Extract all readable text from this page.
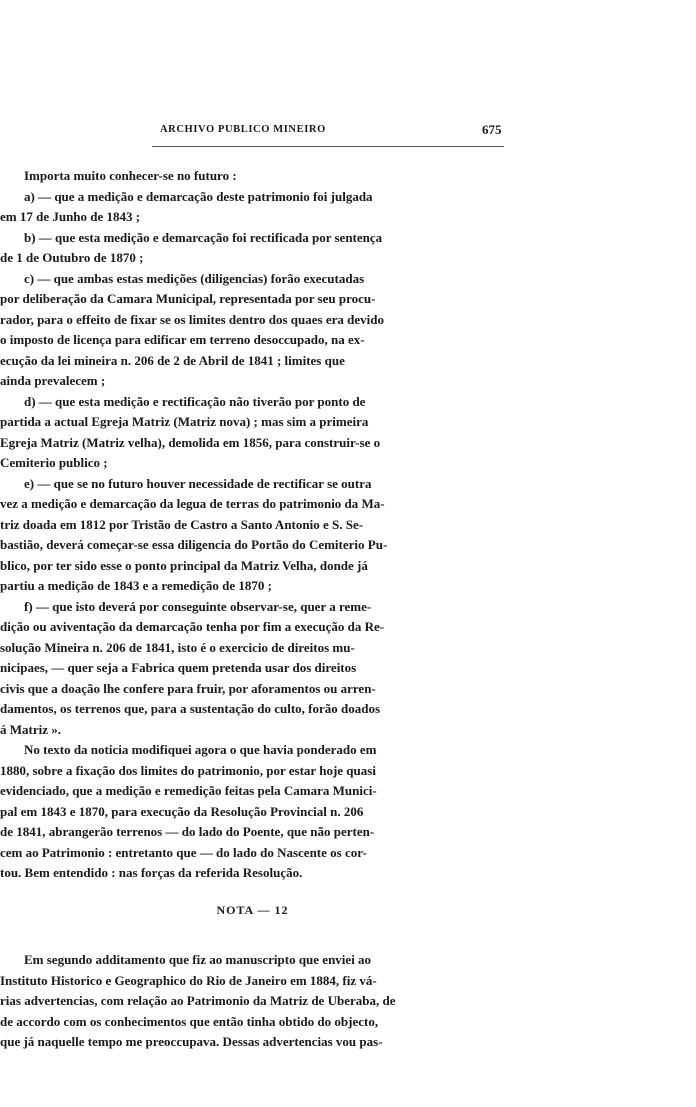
ARCHIVO PUBLICO MINEIRO	675
Importa muito conhecer-se no futuro :
a) — que a medição e demarcação deste patrimonio foi julgada
em 17 de Junho de 1843 ;
b) — que esta medição e demarcação foi rectificada por sentença
de 1 de Outubro de 1870 ;
c) — que ambas estas medições (diligencias) forão executadas
por deliberação da Camara Municipal, representada por seu procu-
rador, para o effeito de fixar se os limites dentro dos quaes era devido
o imposto de licença para edificar em terreno desoccupado, na ex-
ecução da lei mineira n. 206 de 2 de Abril de 1841 ; limites que
ainda prevalecem ;
d) — que esta medição e rectificação não tiverão por ponto de
partida a actual Egreja Matriz (Matriz nova) ; mas sim a primeira
Egreja Matriz (Matriz velha), demolida em 1856, para construir-se o
Cemiterio publico ;
e) — que se no futuro houver necessidade de rectificar se outra
vez a medição e demarcação da legua de terras do patrimonio da Ma-
triz doada em 1812 por Tristão de Castro a Santo Antonio e S. Se-
bastião, deverá começar-se essa diligencia do Portão do Cemiterio Pu-
blico, por ter sido esse o ponto principal da Matriz Velha, donde já
partiu a medição de 1843 e a remedição de 1870 ;
f) — que isto deverá por conseguinte observar-se, quer a reme-
dição ou aviventação da demarcação tenha por fim a execução da Re-
solução Mineira n. 206 de 1841, isto é o exercicio de direitos mu-
nicipaes, — quer seja a Fabrica quem pretenda usar dos direitos
civis que a doação lhe confere para fruir, por aforamentos ou arren-
damentos, os terrenos que, para a sustentação do culto, forão doados
á Matriz ».
No texto da noticia modifiquei agora o que havia ponderado em
1880, sobre a fixação dos limites do patrimonio, por estar hoje quasi
evidenciado, que a medição e remedição feitas pela Camara Munici-
pal em 1843 e 1870, para execução da Resolução Provincial n. 206
de 1841, abrangerão terrenos — do lado do Poente, que não perten-
cem ao Patrimonio : entretanto que — do lado do Nascente os cor-
tou. Bem entendido : nas forças da referida Resolução.
NOTA — 12
Em segundo additamento que fiz ao manuscripto que enviei ao
Instituto Historico e Geographico do Rio de Janeiro em 1884, fiz vá-
rias advertencias, com relação ao Patrimonio da Matriz de Uberaba, de
de accordo com os conhecimentos que então tinha obtido do objecto,
que já naquelle tempo me preoccupava. Dessas advertencias vou pas-
